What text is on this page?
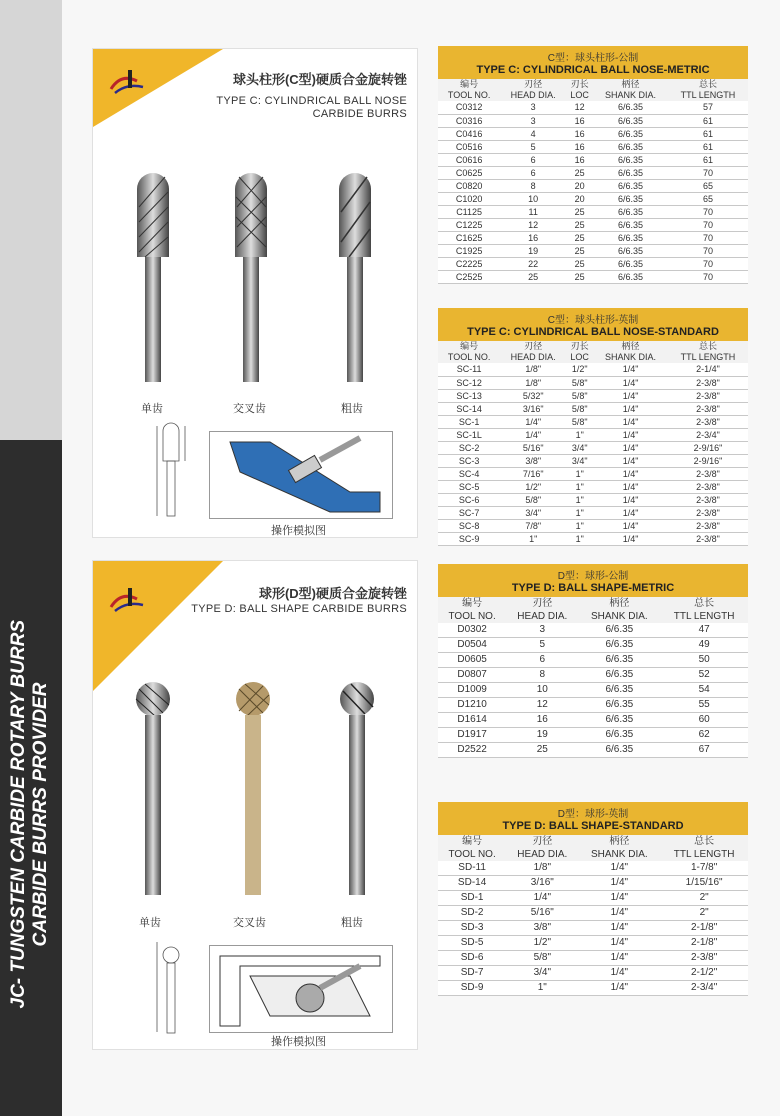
JC- TUNGSTEN CARBIDE ROTARY BURRS CARBIDE BURRS PROVIDER
球头柱形(C型)硬质合金旋转锉
TYPE C: CYLINDRICAL BALL NOSE
CARBIDE BURRS
单齿	交叉齿	粗齿
操作模拟图
球形(D型)硬质合金旋转锉
TYPE D: BALL SHAPE CARBIDE BURRS
单齿	交叉齿	粗齿
操作模拟图
C型：球头柱形-公制
TYPE C: CYLINDRICAL BALL NOSE-METRIC
编号	刃径	刃长	柄径	总长
TOOL NO.	HEAD DIA.	LOC	SHANK DIA.	TTL LENGTH
C0312	3	12	6/6.35	57
C0316	3	16	6/6.35	61
C0416	4	16	6/6.35	61
C0516	5	16	6/6.35	61
C0616	6	16	6/6.35	61
C0625	6	25	6/6.35	70
C0820	8	20	6/6.35	65
C1020	10	20	6/6.35	65
C1125	11	25	6/6.35	70
C1225	12	25	6/6.35	70
C1625	16	25	6/6.35	70
C1925	19	25	6/6.35	70
C2225	22	25	6/6.35	70
C2525	25	25	6/6.35	70
C型：球头柱形-英制
TYPE C: CYLINDRICAL BALL NOSE-STANDARD
编号	刃径	刃长	柄径	总长
TOOL NO.	HEAD DIA.	LOC	SHANK DIA.	TTL LENGTH
SC-11	1/8"	1/2"	1/4"	2-1/4"
SC-12	1/8"	5/8"	1/4"	2-3/8"
SC-13	5/32"	5/8"	1/4"	2-3/8"
SC-14	3/16"	5/8"	1/4"	2-3/8"
SC-1	1/4"	5/8"	1/4"	2-3/8"
SC-1L	1/4"	1"	1/4"	2-3/4"
SC-2	5/16"	3/4"	1/4"	2-9/16"
SC-3	3/8"	3/4"	1/4"	2-9/16"
SC-4	7/16"	1"	1/4"	2-3/8"
SC-5	1/2"	1"	1/4"	2-3/8"
SC-6	5/8"	1"	1/4"	2-3/8"
SC-7	3/4"	1"	1/4"	2-3/8"
SC-8	7/8"	1"	1/4"	2-3/8"
SC-9	1"	1"	1/4"	2-3/8"
D型：球形-公制
TYPE D: BALL SHAPE-METRIC
编号	刃径	柄径	总长
TOOL NO.	HEAD DIA.	SHANK DIA.	TTL LENGTH
D0302	3	6/6.35	47
D0504	5	6/6.35	49
D0605	6	6/6.35	50
D0807	8	6/6.35	52
D1009	10	6/6.35	54
D1210	12	6/6.35	55
D1614	16	6/6.35	60
D1917	19	6/6.35	62
D2522	25	6/6.35	67
D型：球形-英制
TYPE D: BALL SHAPE-STANDARD
编号	刃径	柄径	总长
TOOL NO.	HEAD DIA.	SHANK DIA.	TTL LENGTH
SD-11	1/8"	1/4"	1-7/8"
SD-14	3/16"	1/4"	1/15/16"
SD-1	1/4"	1/4"	2"
SD-2	5/16"	1/4"	2"
SD-3	3/8"	1/4"	2-1/8"
SD-5	1/2"	1/4"	2-1/8"
SD-6	5/8"	1/4"	2-3/8"
SD-7	3/4"	1/4"	2-1/2"
SD-9	1"	1/4"	2-3/4"
